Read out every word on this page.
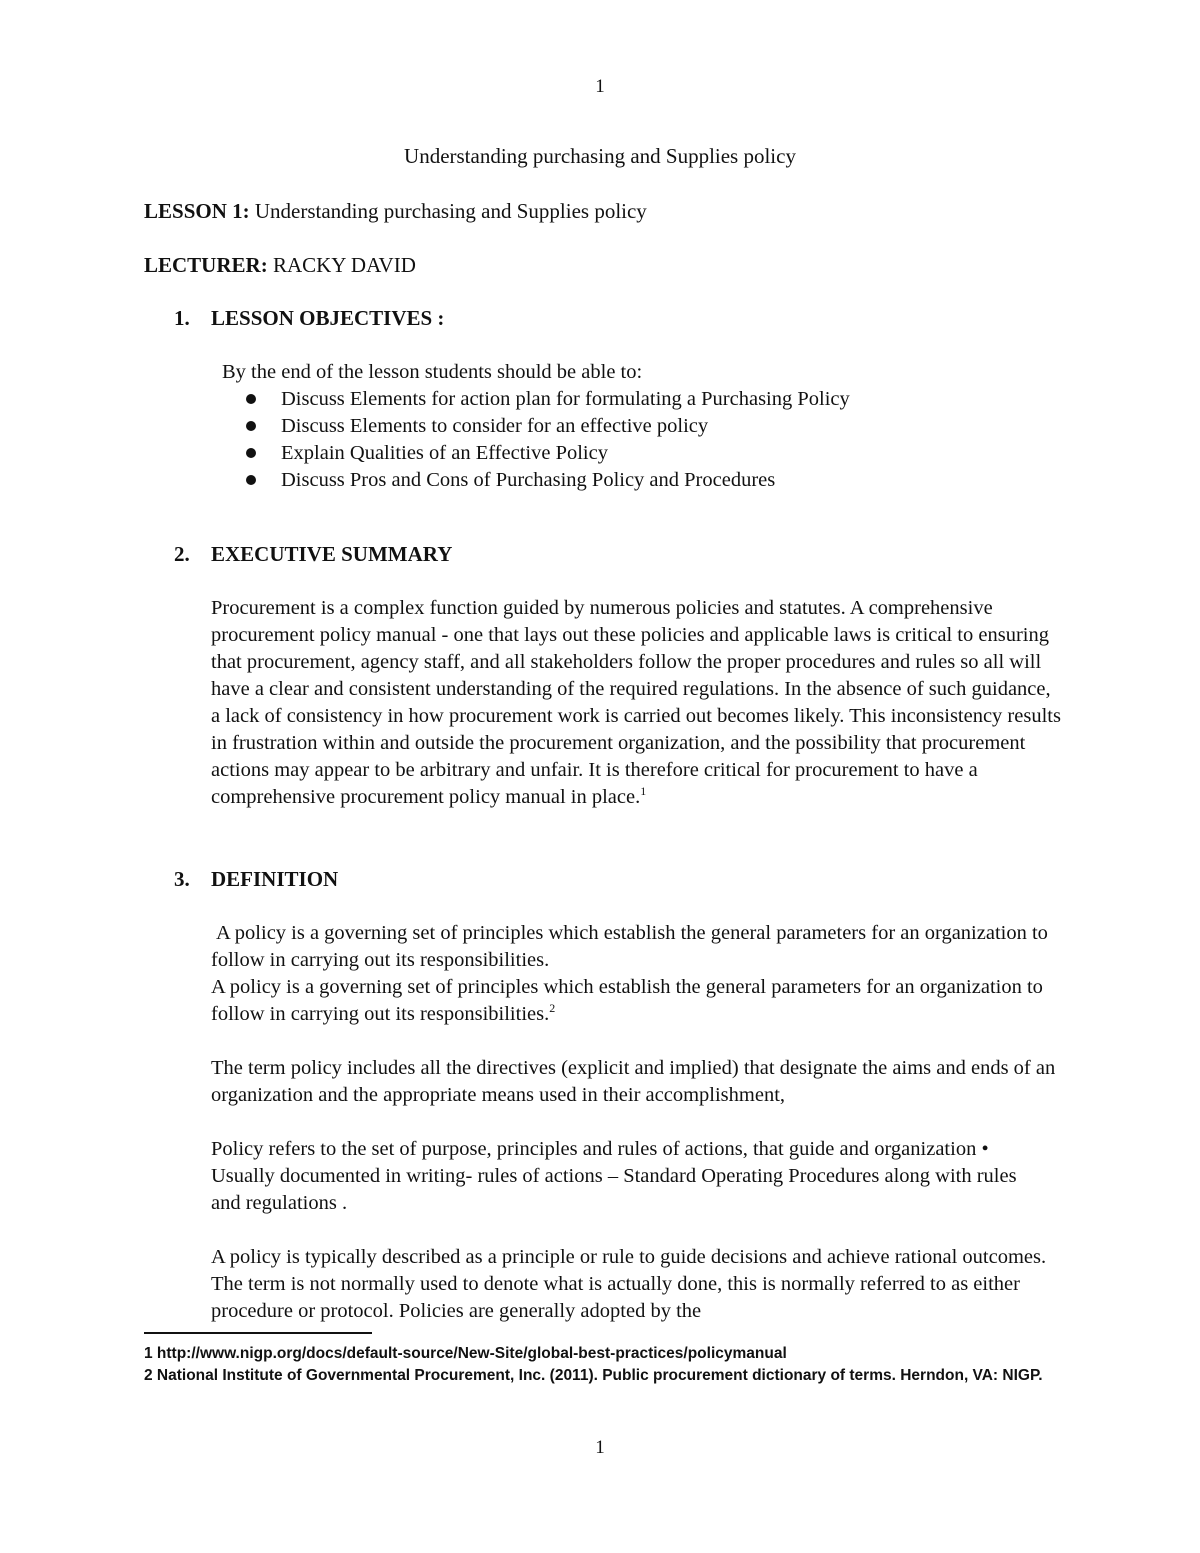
1
Understanding purchasing and Supplies policy
LESSON 1: Understanding purchasing and Supplies policy
LECTURER: RACKY DAVID
1. LESSON OBJECTIVES :
By the end of the lesson students should be able to:
Discuss Elements for action plan for formulating a Purchasing Policy
Discuss Elements to consider for an effective policy
Explain Qualities of an Effective Policy
Discuss Pros and Cons of Purchasing Policy and Procedures
2. EXECUTIVE SUMMARY

Procurement is a complex function guided by numerous policies and statutes. A comprehensive procurement policy manual - one that lays out these policies and applicable laws is critical to ensuring that procurement, agency staff, and all stakeholders follow the proper procedures and rules so all will have a clear and consistent understanding of the required regulations. In the absence of such guidance, a lack of consistency in how procurement work is carried out becomes likely. This inconsistency results in frustration within and outside the procurement organization, and the possibility that procurement actions may appear to be arbitrary and unfair. It is therefore critical for procurement to have a comprehensive procurement policy manual in place.$^1$

3. DEFINITION

A policy is a governing set of principles which establish the general parameters for an organization to follow in carrying out its responsibilities.

A policy is a governing set of principles which establish the general parameters for an organization to follow in carrying out its responsibilities.$^2$

The term policy includes all the directives (explicit and implied) that designate the aims and ends of an organization and the appropriate means used in their accomplishment,

Policy refers to the set of purpose, principles and rules of actions, that guide and organization • Usually documented in writing- rules of actions – Standard Operating Procedures along with rules and regulations .

A policy is typically described as a principle or rule to guide decisions and achieve rational outcomes. The term is not normally used to denote what is actually done, this is normally referred to as either procedure or protocol. Policies are generally adopted by the

1 http://www.nigp.org/docs/default-source/New-Site/global-best-practices/policymanual
2 National Institute of Governmental Procurement, Inc. (2011). Public procurement dictionary of terms. Herndon, VA: NIGP.
1
